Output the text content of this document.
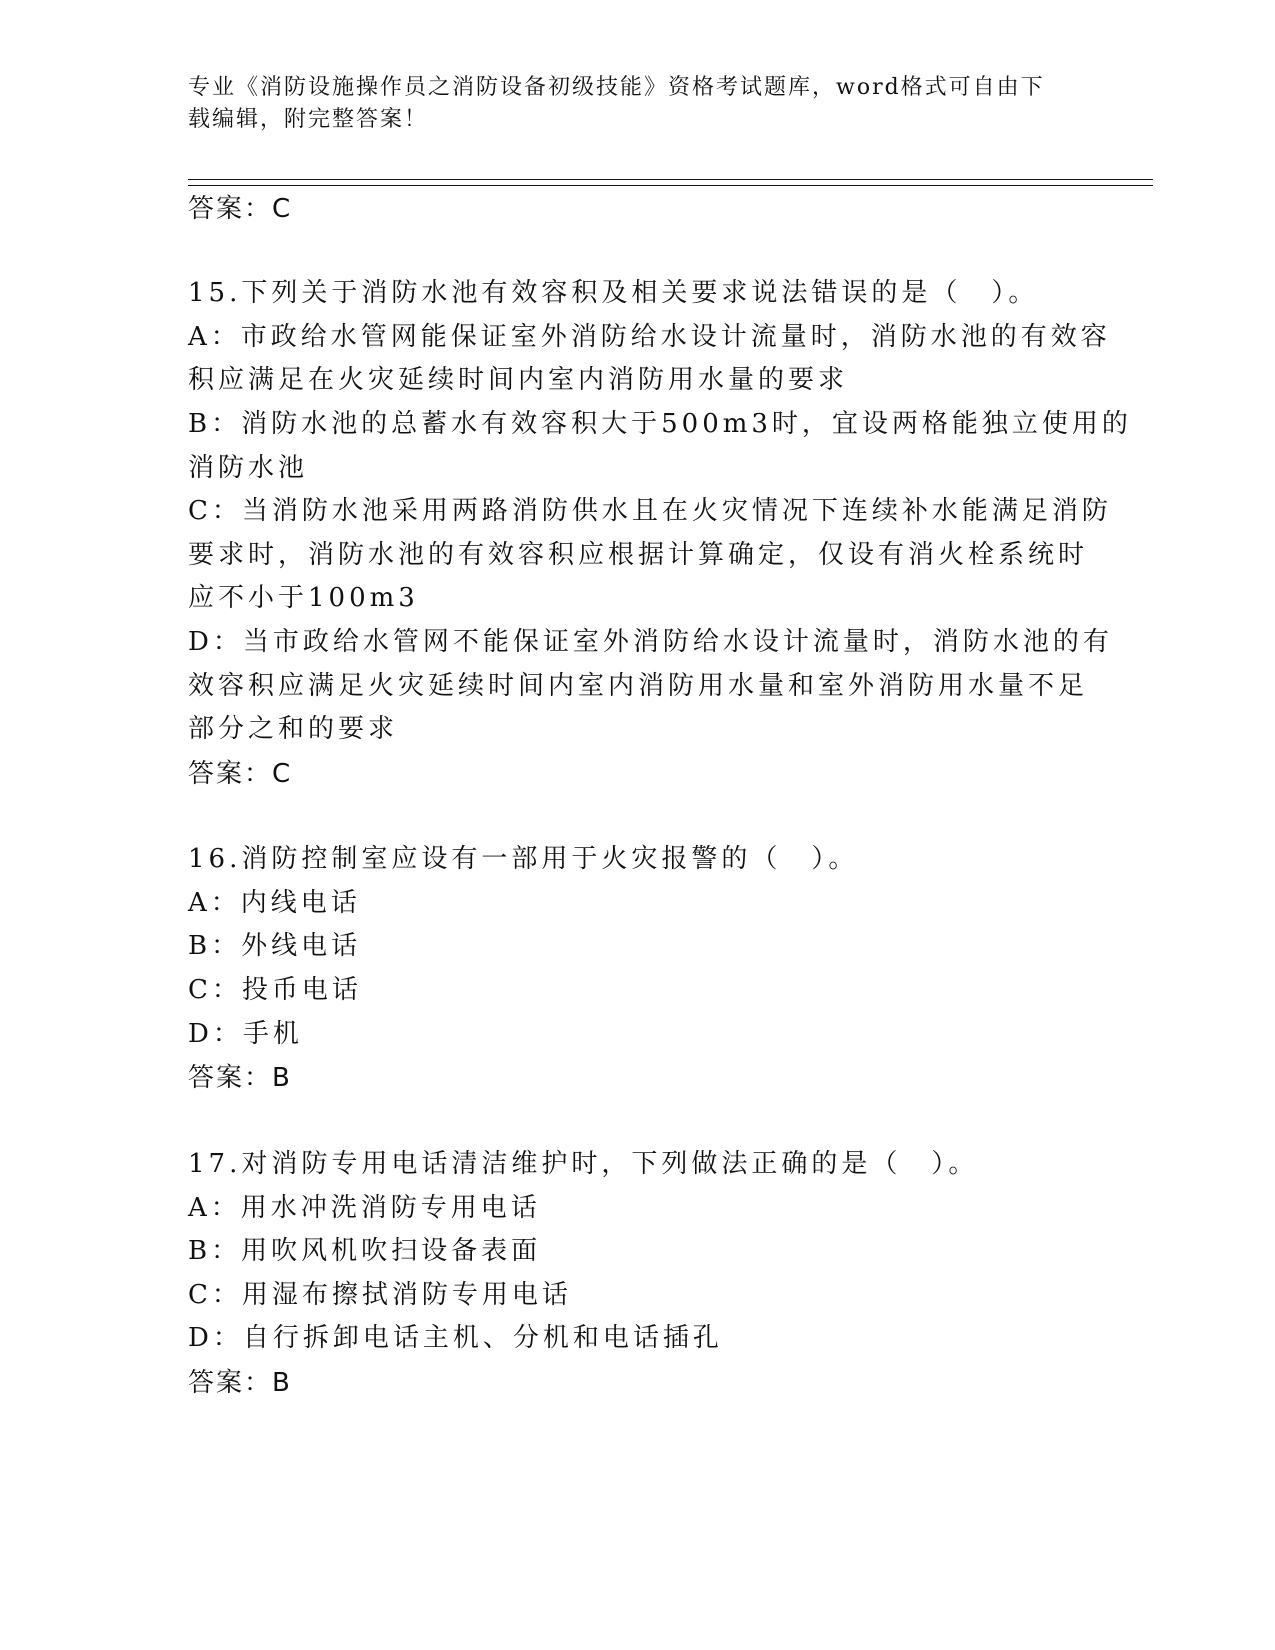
专业《消防设施操作员之消防设备初级技能》资格考试题库，word格式可自由下
载编辑，附完整答案！
答案：C
15.下列关于消防水池有效容积及相关要求说法错误的是（　）。
A：市政给水管网能保证室外消防给水设计流量时，消防水池的有效容
积应满足在火灾延续时间内室内消防用水量的要求
B：消防水池的总蓄水有效容积大于500m3时，宜设两格能独立使用的
消防水池
C：当消防水池采用两路消防供水且在火灾情况下连续补水能满足消防
要求时，消防水池的有效容积应根据计算确定，仅设有消火栓系统时
应不小于100m3
D：当市政给水管网不能保证室外消防给水设计流量时，消防水池的有
效容积应满足火灾延续时间内室内消防用水量和室外消防用水量不足
部分之和的要求
答案：C
16.消防控制室应设有一部用于火灾报警的（　）。
A：内线电话
B：外线电话
C：投币电话
D：手机
答案：B
17.对消防专用电话清洁维护时，下列做法正确的是（　）。
A：用水冲洗消防专用电话
B：用吹风机吹扫设备表面
C：用湿布擦拭消防专用电话
D：自行拆卸电话主机、分机和电话插孔
答案：B
